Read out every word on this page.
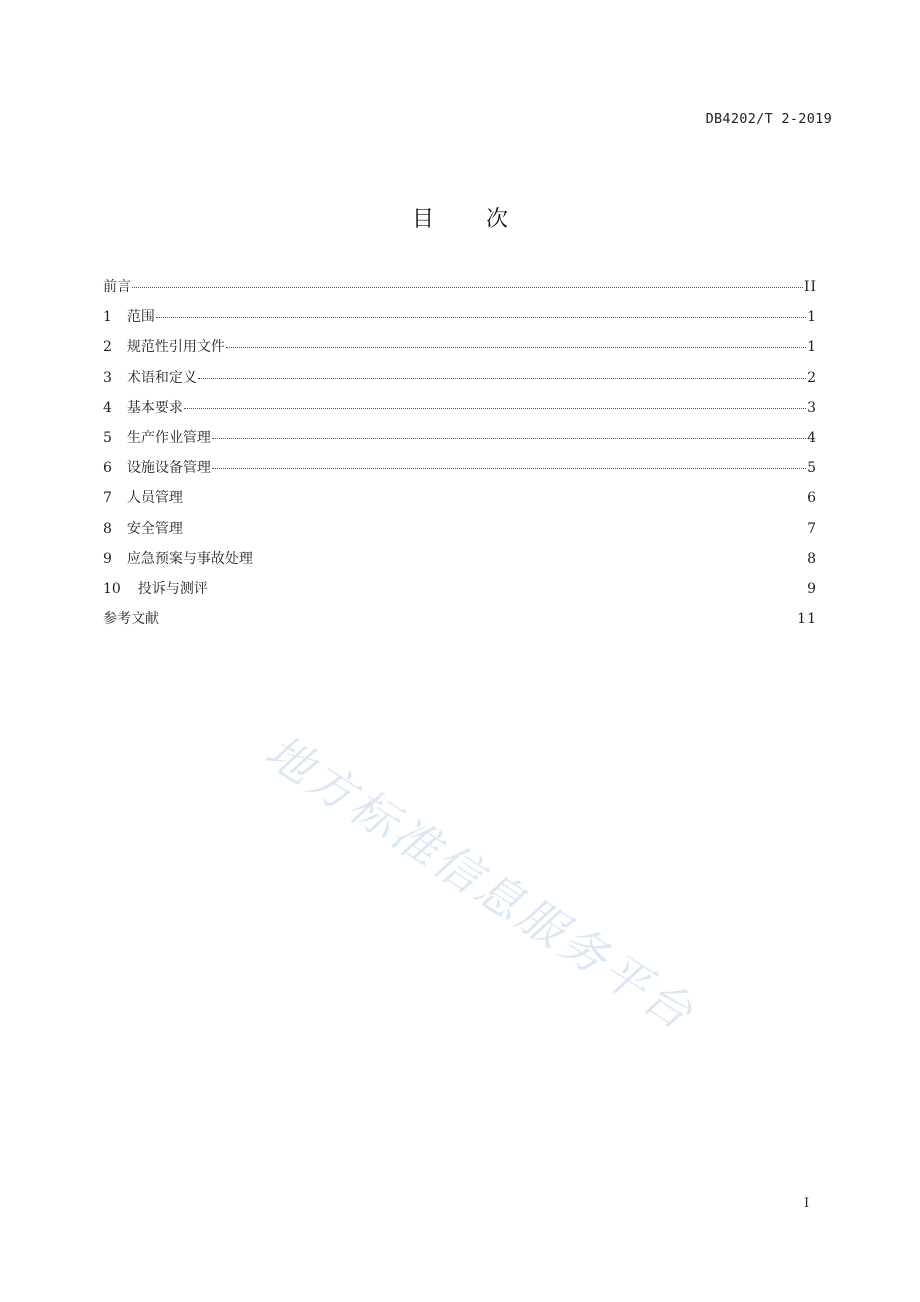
DB4202/T 2-2019
目 次
前言	II
1 范围	1
2 规范性引用文件	1
3 术语和定义	2
4 基本要求	3
5 生产作业管理	4
6 设施设备管理	5
7 人员管理	6
8 安全管理	7
9 应急预案与事故处理	8
10 投诉与测评	9
参考文献	11
地方标准信息服务平台
I
